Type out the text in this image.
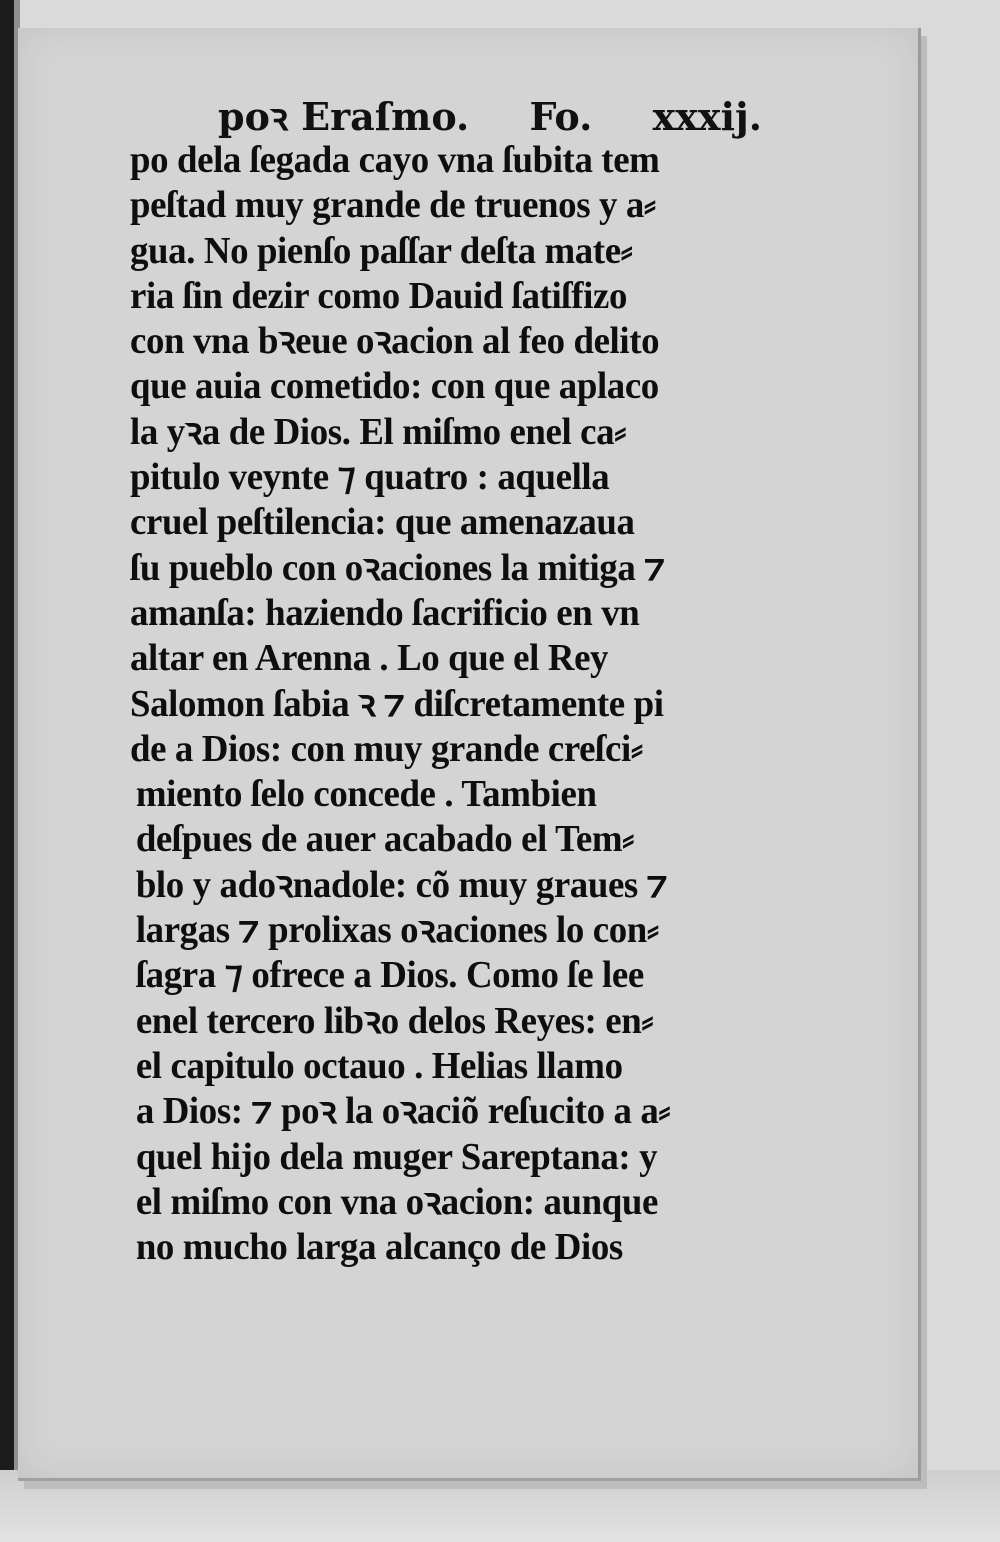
poꝛ Eraſmo. Fo. xxxij.
po dela ſegada cayo vna ſubita tem
peſtad muy grande de truenos y a⸗
gua. No pienſo paſſar deſta mate⸗
ria ſin dezir como Dauid ſatiſfizo
con vna bꝛeue oꝛacion al feo delito
que auia cometido: con que aplaco
la yꝛa de Dios. El miſmo enel ca⸗
pitulo veynte ⁊ quatro : aquella
cruel peſtilencia: que amenazaua
ſu pueblo con oꝛaciones la mitiga ⁊
amanſa: haziendo ſacrificio en vn
altar en Arenna . Lo que el Rey
Salomon ſabia ꝛ ⁊ diſcretamente pi
de a Dios: con muy grande creſci⸗
miento ſelo concede . Tambien
deſpues de auer acabado el Tem⸗
blo y adoꝛnadole: cõ muy graues ⁊
largas ⁊ prolixas oꝛaciones lo con⸗
ſagra ⁊ ofrece a Dios. Como ſe lee
enel tercero libꝛo delos Reyes: en⸗
el capitulo octauo . Helias llamo
a Dios: ⁊ poꝛ la oꝛaciõ reſucito a a⸗
quel hijo dela muger Sareptana: y
el miſmo con vna oꝛacion: aunque
no mucho larga alcanço de Dios
